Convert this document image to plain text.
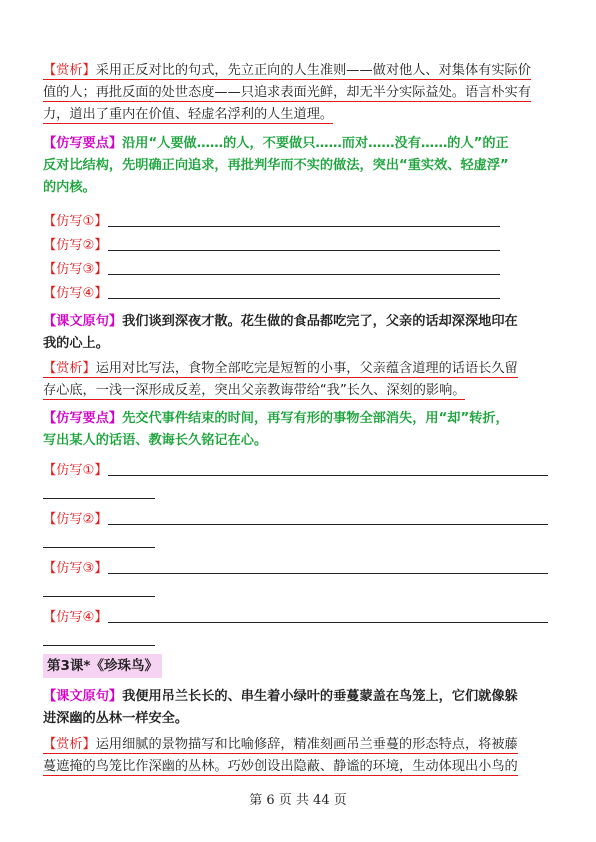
【赏析】采用正反对比的句式，先立正向的人生准则——做对他人、对集体有实际价
值的人；再批反面的处世态度——只追求表面光鲜，却无半分实际益处。语言朴实有
力，道出了重内在价值、轻虚名浮利的人生道理。
【仿写要点】沿用“人要做……的人，不要做只……而对……没有……的人”的正
反对比结构，先明确正向追求，再批判华而不实的做法，突出“重实效、轻虚浮”
的内核。
【仿写①】
【仿写②】
【仿写③】
【仿写④】
【课文原句】我们谈到深夜才散。花生做的食品都吃完了，父亲的话却深深地印在
我的心上。
【赏析】运用对比写法，食物全部吃完是短暂的小事，父亲蕴含道理的话语长久留
存心底，一浅一深形成反差，突出父亲教诲带给“我”长久、深刻的影响。
【仿写要点】先交代事件结束的时间，再写有形的事物全部消失，用“却”转折，
写出某人的话语、教诲长久铭记在心。
【仿写①】
【仿写②】
【仿写③】
【仿写④】
第3课*《珍珠鸟》
【课文原句】我便用吊兰长长的、串生着小绿叶的垂蔓蒙盖在鸟笼上，它们就像躲
进深幽的丛林一样安全。
【赏析】运用细腻的景物描写和比喻修辞，精准刻画吊兰垂蔓的形态特点，将被藤
蔓遮掩的鸟笼比作深幽的丛林。巧妙创设出隐蔽、静谧的环境，生动体现出小鸟的
第 6 页 共 44 页
